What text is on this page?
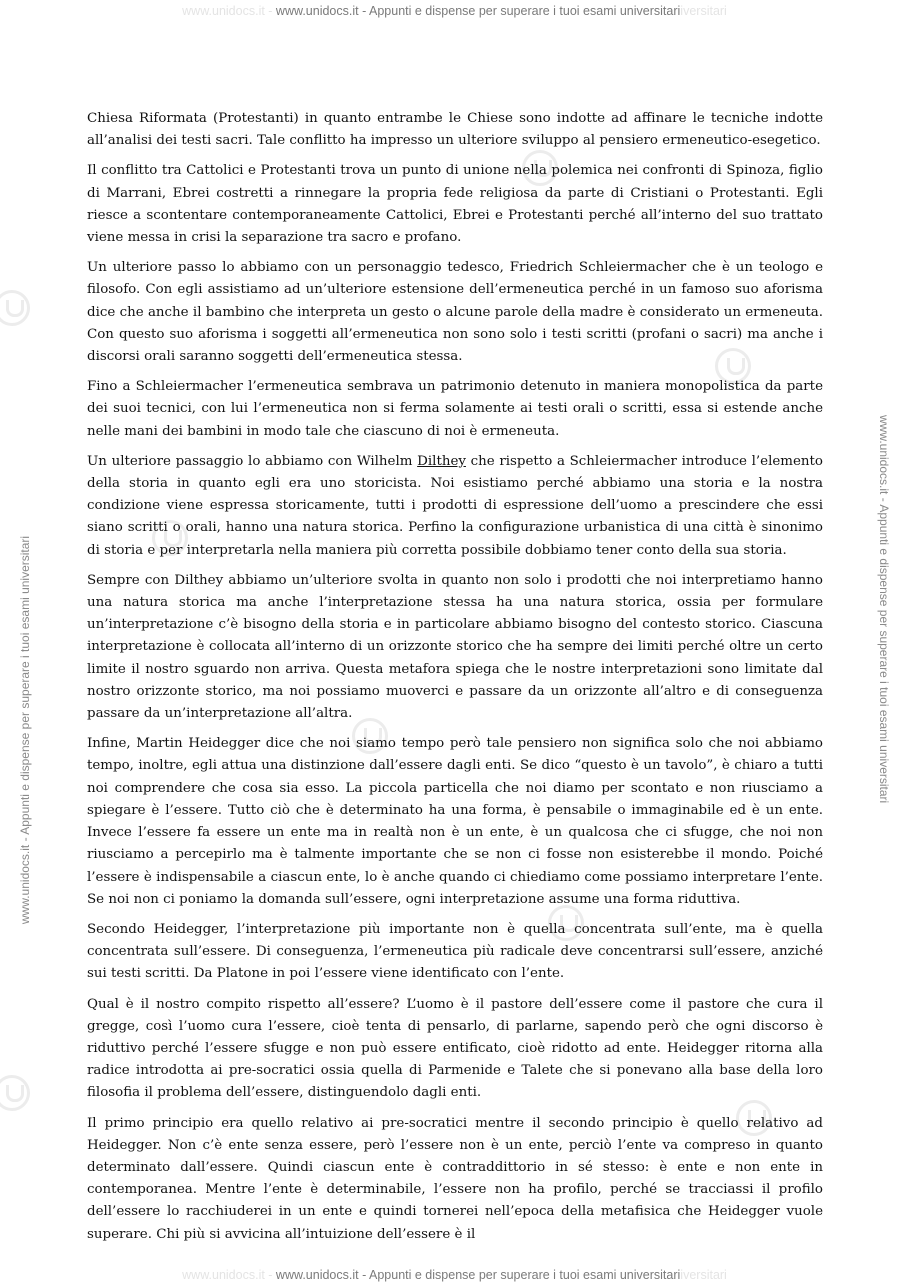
www.unidocs.it - www.unidocs.it - Appunti e dispense per superare i tuoi esami universitariiversitari
www.unidocs.it - Appunti e dispense per superare i tuoi esami universitari	www.unidocs.it - Appunti e dispense per superare i tuoi esami universitari

Chiesa Riformata (Protestanti) in quanto entrambe le Chiese sono indotte ad affinare le tecniche indotte all’analisi dei testi sacri. Tale conflitto ha impresso un ulteriore sviluppo al pensiero ermeneutico-esegetico.

Il conflitto tra Cattolici e Protestanti trova un punto di unione nella polemica nei confronti di Spinoza, figlio di Marrani, Ebrei costretti a rinnegare la propria fede religiosa da parte di Cristiani o Protestanti. Egli riesce a scontentare contemporaneamente Cattolici, Ebrei e Protestanti perché all’interno del suo trattato viene messa in crisi la separazione tra sacro e profano.

Un ulteriore passo lo abbiamo con un personaggio tedesco, Friedrich Schleiermacher che è un teologo e filosofo. Con egli assistiamo ad un’ulteriore estensione dell’ermeneutica perché in un famoso suo aforisma dice che anche il bambino che interpreta un gesto o alcune parole della madre è considerato un ermeneuta. Con questo suo aforisma i soggetti all’ermeneutica non sono solo i testi scritti (profani o sacri) ma anche i discorsi orali saranno soggetti dell’ermeneutica stessa.

Fino a Schleiermacher l’ermeneutica sembrava un patrimonio detenuto in maniera monopolistica da parte dei suoi tecnici, con lui l’ermeneutica non si ferma solamente ai testi orali o scritti, essa si estende anche nelle mani dei bambini in modo tale che ciascuno di noi è ermeneuta.

Un ulteriore passaggio lo abbiamo con Wilhelm Dilthey che rispetto a Schleiermacher introduce l’elemento della storia in quanto egli era uno storicista. Noi esistiamo perché abbiamo una storia e la nostra condizione viene espressa storicamente, tutti i prodotti di espressione dell’uomo a prescindere che essi siano scritti o orali, hanno una natura storica. Perfino la configurazione urbanistica di una città è sinonimo di storia e per interpretarla nella maniera più corretta possibile dobbiamo tener conto della sua storia.

Sempre con Dilthey abbiamo un’ulteriore svolta in quanto non solo i prodotti che noi interpretiamo hanno una natura storica ma anche l’interpretazione stessa ha una natura storica, ossia per formulare un’interpretazione c’è bisogno della storia e in particolare abbiamo bisogno del contesto storico. Ciascuna interpretazione è collocata all’interno di un orizzonte storico che ha sempre dei limiti perché oltre un certo limite il nostro sguardo non arriva. Questa metafora spiega che le nostre interpretazioni sono limitate dal nostro orizzonte storico, ma noi possiamo muoverci e passare da un orizzonte all’altro e di conseguenza passare da un’interpretazione all’altra.

Infine, Martin Heidegger dice che noi siamo tempo però tale pensiero non significa solo che noi abbiamo tempo, inoltre, egli attua una distinzione dall’essere dagli enti. Se dico “questo è un tavolo”, è chiaro a tutti noi comprendere che cosa sia esso. La piccola particella che noi diamo per scontato e non riusciamo a spiegare è l’essere. Tutto ciò che è determinato ha una forma, è pensabile o immaginabile ed è un ente. Invece l’essere fa essere un ente ma in realtà non è un ente, è un qualcosa che ci sfugge, che noi non riusciamo a percepirlo ma è talmente importante che se non ci fosse non esisterebbe il mondo. Poiché l’essere è indispensabile a ciascun ente, lo è anche quando ci chiediamo come possiamo interpretare l’ente. Se noi non ci poniamo la domanda sull’essere, ogni interpretazione assume una forma riduttiva.

Secondo Heidegger, l’interpretazione più importante non è quella concentrata sull’ente, ma è quella concentrata sull’essere. Di conseguenza, l’ermeneutica più radicale deve concentrarsi sull’essere, anziché sui testi scritti. Da Platone in poi l’essere viene identificato con l’ente.

Qual è il nostro compito rispetto all’essere? L’uomo è il pastore dell’essere come il pastore che cura il gregge, così l’uomo cura l’essere, cioè tenta di pensarlo, di parlarne, sapendo però che ogni discorso è riduttivo perché l’essere sfugge e non può essere entificato, cioè ridotto ad ente. Heidegger ritorna alla radice introdotta ai pre-socratici ossia quella di Parmenide e Talete che si ponevano alla base della loro filosofia il problema dell’essere, distinguendolo dagli enti.

Il primo principio era quello relativo ai pre-socratici mentre il secondo principio è quello relativo ad Heidegger. Non c’è ente senza essere, però l’essere non è un ente, perciò l’ente va compreso in quanto determinato dall’essere. Quindi ciascun ente è contraddittorio in sé stesso: è ente e non ente in contemporanea. Mentre l’ente è determinabile, l’essere non ha profilo, perché se tracciassi il profilo dell’essere lo racchiuderei in un ente e quindi tornerei nell’epoca della metafisica che Heidegger vuole superare. Chi più si avvicina all’intuizione dell’essere è il

www.unidocs.it - www.unidocs.it - Appunti e dispense per superare i tuoi esami universitariiversitari
